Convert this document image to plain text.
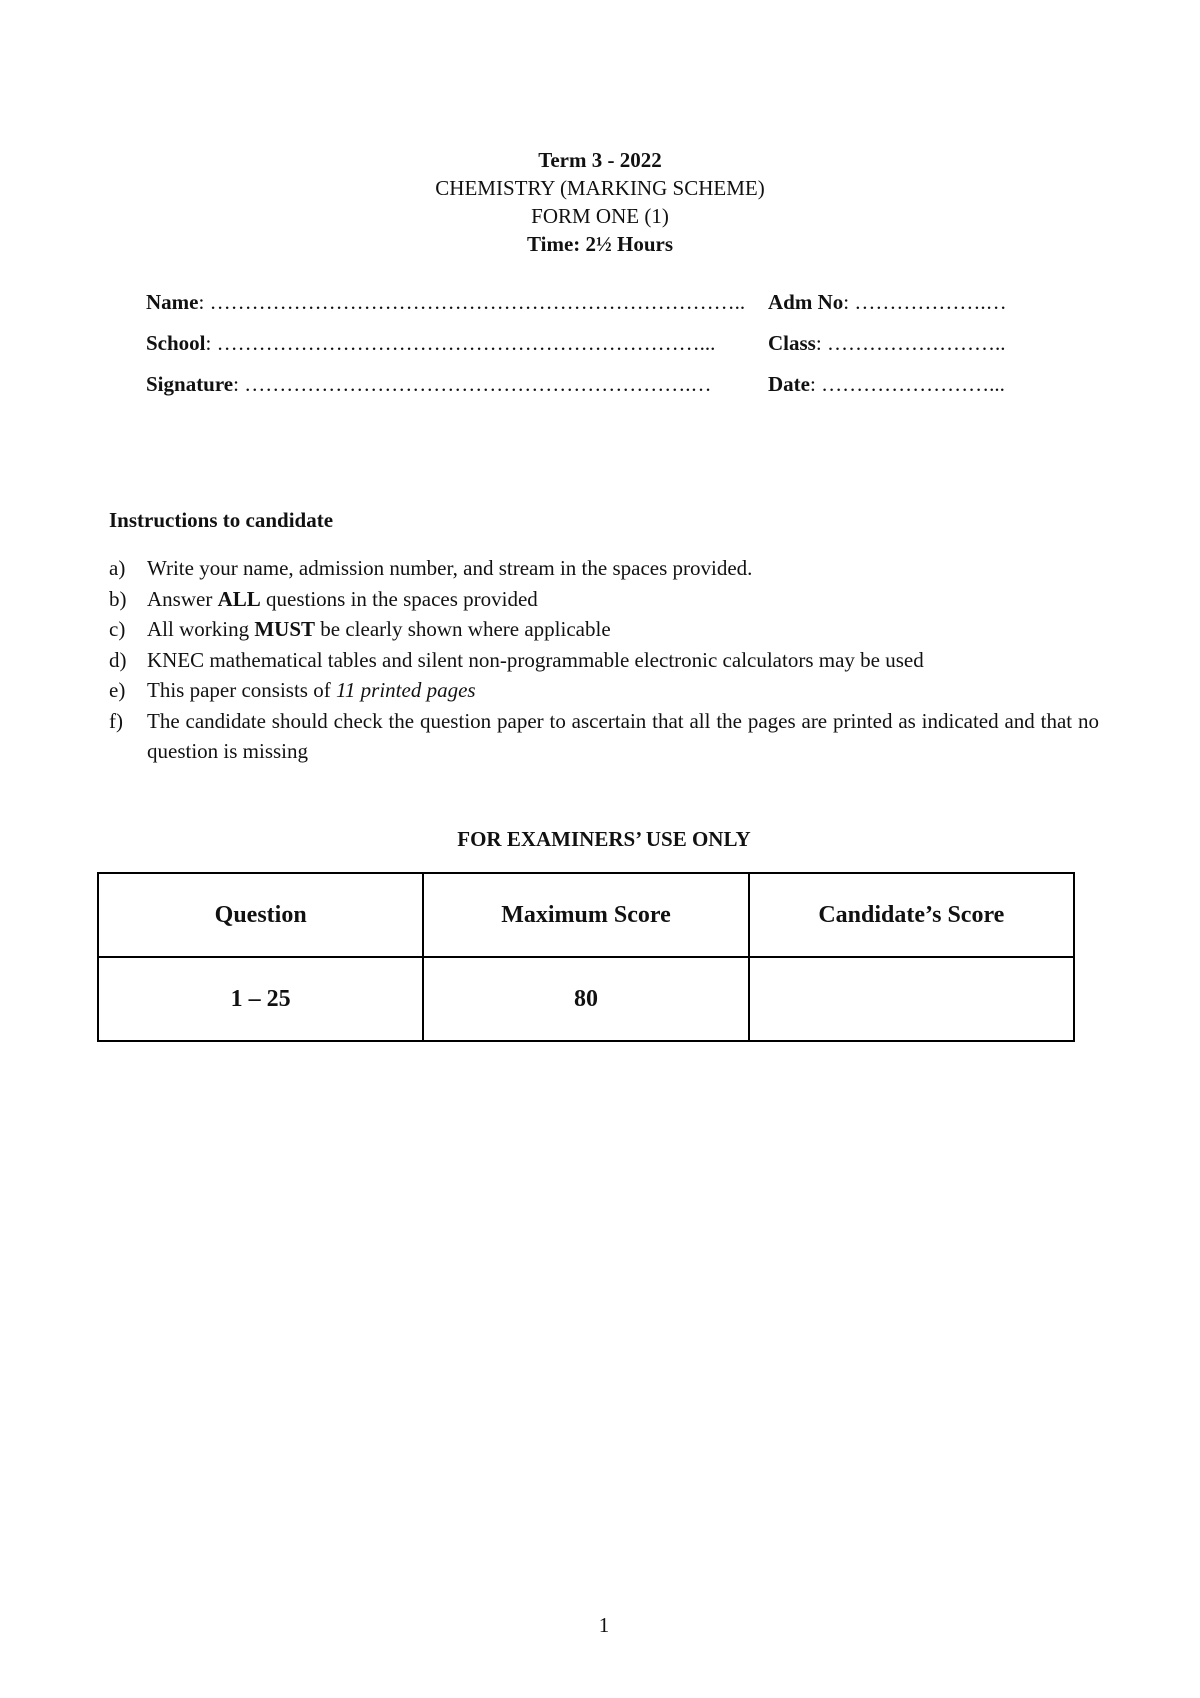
Term 3 - 2022
CHEMISTRY (MARKING SCHEME)
FORM ONE (1)
Time: 2½ Hours
Name: ………………………………………………………………….. Adm No: ……………….…
School: ……………………………………………………………...	Class: ……………………..
Signature: ……………………………………………………….…	Date: ……………………...
Instructions to candidate
a) Write your name, admission number, and stream in the spaces provided.
b) Answer ALL questions in the spaces provided
c) All working MUST be clearly shown where applicable
d) KNEC mathematical tables and silent non-programmable electronic calculators may be used
e) This paper consists of 11 printed pages
f) The candidate should check the question paper to ascertain that all the pages are printed as indicated and that no question is missing
FOR EXAMINERS’ USE ONLY
Question	Maximum Score	Candidate’s Score
1 – 25	80	
1
